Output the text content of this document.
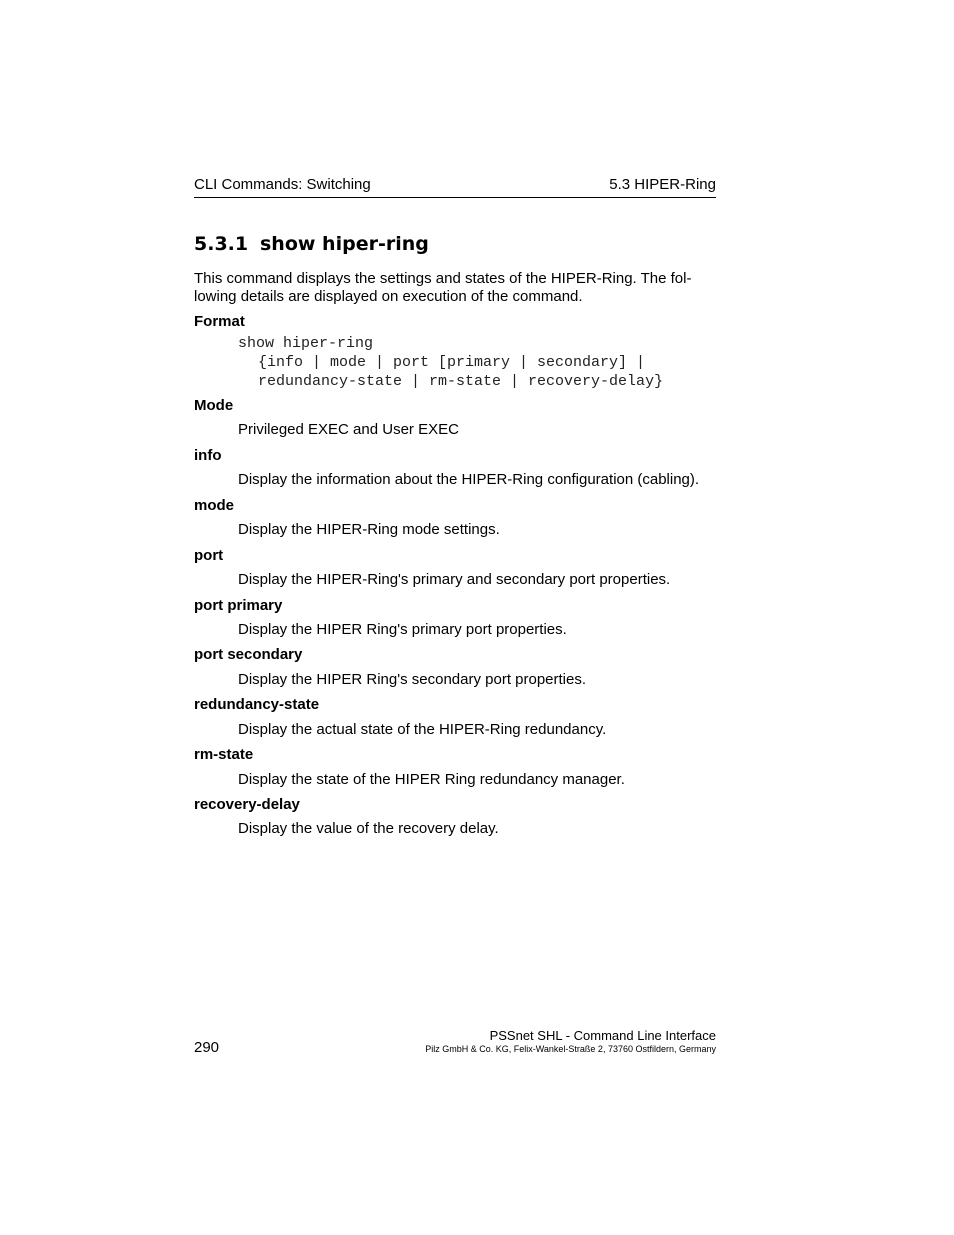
CLI Commands: Switching	5.3 HIPER-Ring
5.3.1 show hiper-ring
This command displays the settings and states of the HIPER-Ring. The fol-
lowing details are displayed on execution of the command.
Format
show hiper-ring
{info | mode | port [primary | secondary] |
redundancy-state | rm-state | recovery-delay}
Mode
Privileged EXEC and User EXEC
info
Display the information about the HIPER-Ring configuration (cabling).
mode
Display the HIPER-Ring mode settings.
port
Display the HIPER-Ring's primary and secondary port properties.
port primary
Display the HIPER Ring's primary port properties.
port secondary
Display the HIPER Ring's secondary port properties.
redundancy-state
Display the actual state of the HIPER-Ring redundancy.
rm-state
Display the state of the HIPER Ring redundancy manager.
recovery-delay
Display the value of the recovery delay.
290
PSSnet SHL - Command Line Interface
Pilz GmbH & Co. KG, Felix-Wankel-Straße 2, 73760 Ostfildern, Germany
